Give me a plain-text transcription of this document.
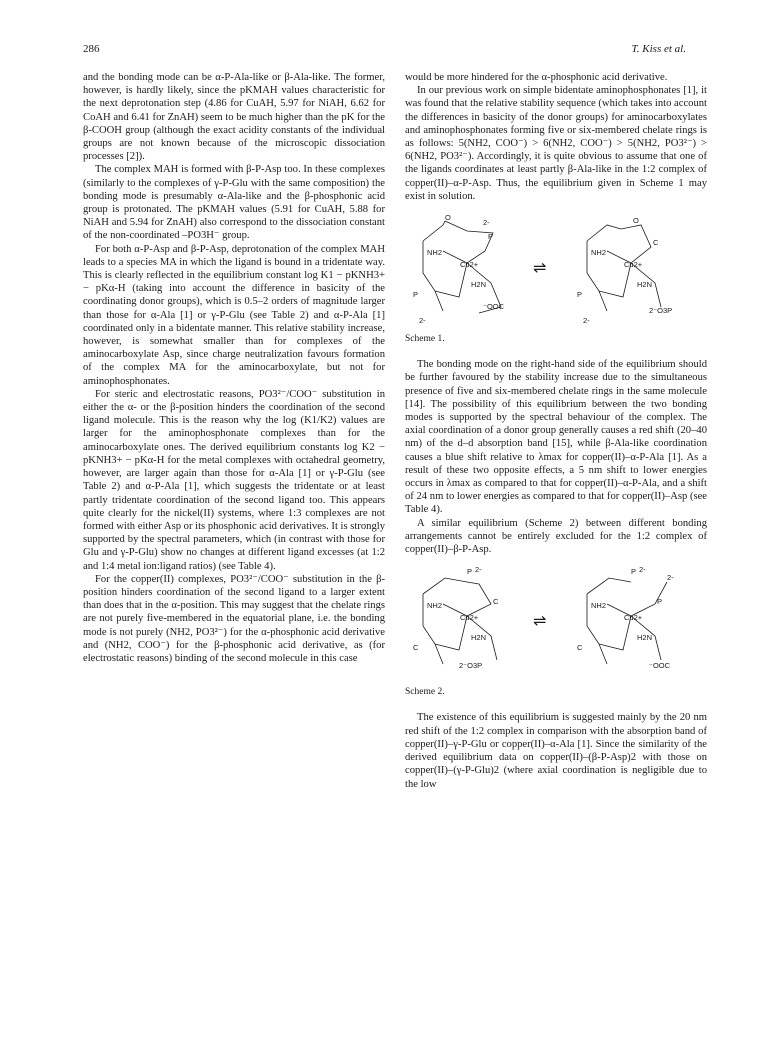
286	T. Kiss et al.

and the bonding mode can be α-P-Ala-like or β-Ala-like. The former, however, is hardly likely, since the pKMAH values characteristic for the next deprotonation step (4.86 for CuAH, 5.97 for NiAH, 6.62 for CoAH and 6.41 for ZnAH) seem to be much higher than the pK for the β-COOH group (although the exact acidity constants of the individual groups are not known because of the microscopic dissociation processes [2]).

The complex MAH is formed with β-P-Asp too. In these complexes (similarly to the complexes of γ-P-Glu with the same composition) the bonding mode is presumably α-Ala-like and the β-phosphonic acid group is protonated. The pKMAH values (5.91 for CuAH, 5.88 for NiAH and 5.94 for ZnAH) also correspond to the dissociation constant of the non-coordinated –PO3H⁻ group.

For both α-P-Asp and β-P-Asp, deprotonation of the complex MAH leads to a species MA in which the ligand is bound in a tridentate way. This is clearly reflected in the equilibrium constant log K1 − pKNH3+ − pKα-H (taking into account the difference in basicity of the coordinating donor groups), which is 0.5–2 orders of magnitude larger than those for α-Ala [1] or γ-P-Glu (see Table 2) and α-P-Ala [1] coordinated only in a bidentate manner. This relative stability increase, however, is somewhat smaller than for complexes of the aminocarboxylate Asp, since charge neutralization favours formation of the complex MA for the aminocarboxylate, but not for aminophosphonates.

For steric and electrostatic reasons, PO3²⁻/COO⁻ substitution in either the α- or the β-position hinders the coordination of the second ligand molecule. This is the reason why the log (K1/K2) values are larger for the aminophosphonate complexes than for the aminocarboxylate ones. The derived equilibrium constants log K2 − pKNH3+ − pKα-H for the metal complexes with octahedral geometry, however, are larger again than those for α-Ala [1] or γ-P-Glu (see Table 2) and α-P-Ala [1], which suggests the tridentate or at least partly tridentate coordination of the second ligand too. This appears quite clearly for the nickel(II) systems, where 1:3 complexes are not formed with either Asp or its phosphonic acid derivatives. It is strongly supported by the spectral parameters, which (in contrast with those for Glu and γ-P-Glu) show no changes at different ligand excesses (at 1:2 and 1:4 metal ion:ligand ratios) (see Table 4).

For the copper(II) complexes, PO3²⁻/COO⁻ substitution in the β-position hinders coordination of the second ligand to a larger extent than does that in the α-position. This may suggest that the chelate rings are not purely five-membered in the equatorial plane, i.e. the bonding mode is not purely (NH2, PO3²⁻) for the α-phosphonic acid derivative and (NH2, COO⁻) for the β-phosphonic acid derivative, as (for electrostatic reasons) binding of the second molecule in this case

would be more hindered for the α-phosphonic acid derivative.

In our previous work on simple bidentate aminophosphonates [1], it was found that the relative stability sequence (which takes into account the differences in basicity of the donor groups) for aminocarboxylates and aminophosphonates forming five or six-membered chelate rings is as follows: 5(NH2, COO⁻) > 6(NH2, COO⁻) > 5(NH2, PO3²⁻) > 6(NH2, PO3²⁻). Accordingly, it is quite obvious to assume that one of the ligands coordinates at least partly β-Ala-like in the 1:2 complex of copper(II)–α-P-Asp. Thus, the equilibrium given in Scheme 1 may exist in solution.

O
NH2
Cu2+
P
2-
H2N
P
2-
⁻OOC
⇌
O
NH2
Cu2+
C
H2N
P
2-
2⁻O3P
Scheme 1.

The bonding mode on the right-hand side of the equilibrium should be further favoured by the stability increase due to the simultaneous presence of five and six-membered chelate rings in the same molecule [14]. The possibility of this equilibrium between the two bonding modes is supported by the spectral behaviour of the complex. The axial coordination of a donor group generally causes a red shift (20–40 nm) of the d–d absorption band [15], while β-Ala-like coordination causes a blue shift relative to λmax for copper(II)–α-P-Ala [1]. As a result of these two opposite effects, a 5 nm shift to lower energies occurs in λmax as compared to that for copper(II)–α-P-Ala, and a shift of 24 nm to lower energies as compared to that for copper(II)–Asp (see Table 4).

A similar equilibrium (Scheme 2) between different bonding arrangements cannot be entirely excluded for the 1:2 complex of copper(II)–β-P-Asp.

P 2-
NH2
Cu2+
C
H2N
C
2⁻O3P
⇌
P 2-
NH2
Cu2+
P
2-
H2N
C
⁻OOC
Scheme 2.

The existence of this equilibrium is suggested mainly by the 20 nm red shift of the 1:2 complex in comparison with the absorption band of copper(II)–γ-P-Glu or copper(II)–α-Ala [1]. Since the similarity of the derived equilibrium data on copper(II)–(β-P-Asp)2 with those on copper(II)–(γ-P-Glu)2 (where axial coordination is negligible due to the low
